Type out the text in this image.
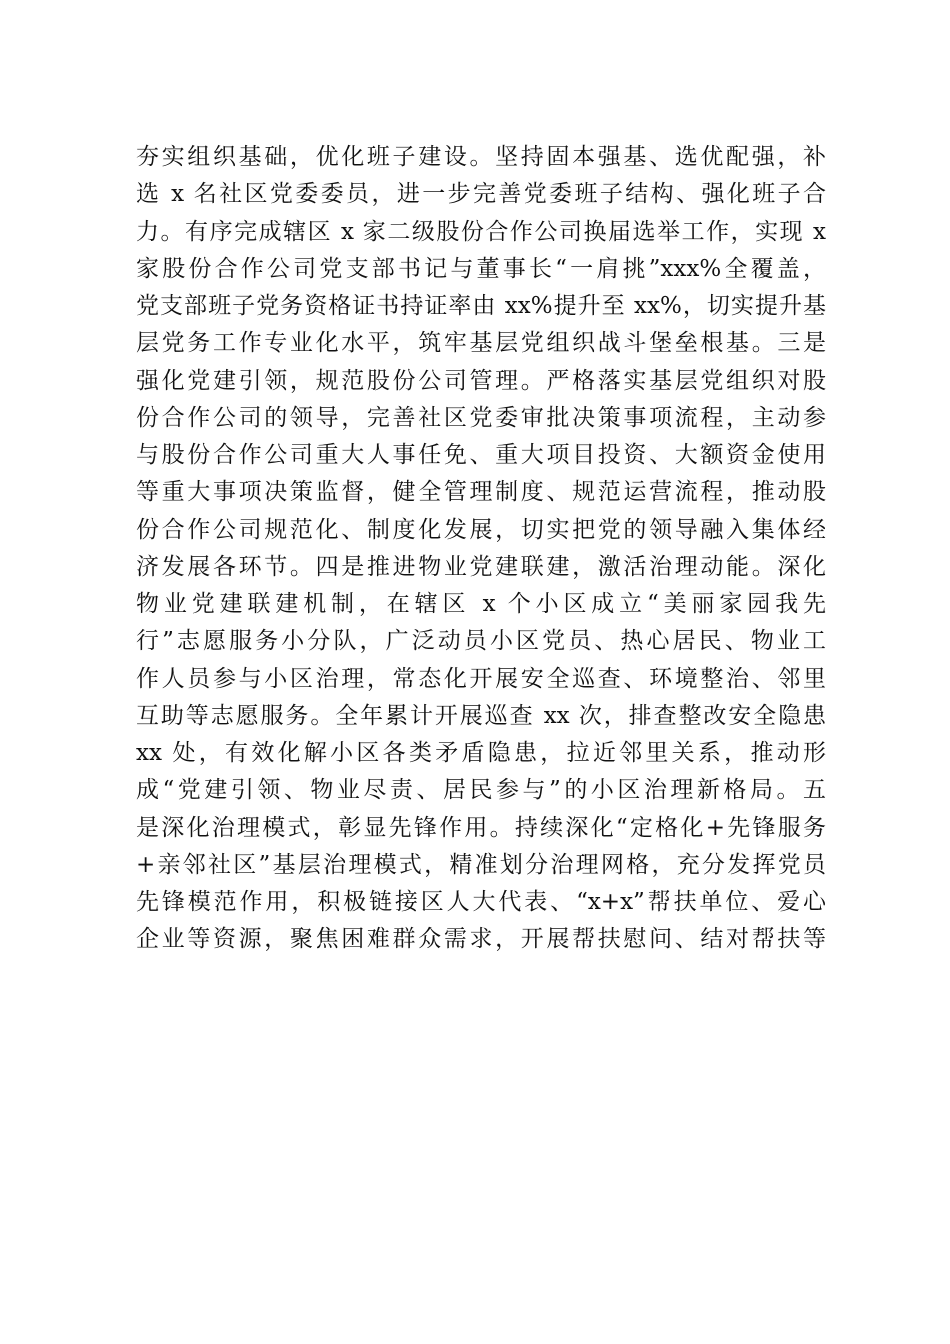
夯实组织基础，优化班子建设。坚持固本强基、选优配强，补
选 x 名社区党委委员，进一步完善党委班子结构、强化班子合
力。有序完成辖区 x 家二级股份合作公司换届选举工作，实现 x
家股份合作公司党支部书记与董事长“一肩挑”xxx%全覆盖，
党支部班子党务资格证书持证率由 xx%提升至 xx%，切实提升基
层党务工作专业化水平，筑牢基层党组织战斗堡垒根基。三是
强化党建引领，规范股份公司管理。严格落实基层党组织对股
份合作公司的领导，完善社区党委审批决策事项流程，主动参
与股份合作公司重大人事任免、重大项目投资、大额资金使用
等重大事项决策监督，健全管理制度、规范运营流程，推动股
份合作公司规范化、制度化发展，切实把党的领导融入集体经
济发展各环节。四是推进物业党建联建，激活治理动能。深化
物业党建联建机制，在辖区 x 个小区成立“美丽家园我先
行”志愿服务小分队，广泛动员小区党员、热心居民、物业工
作人员参与小区治理，常态化开展安全巡查、环境整治、邻里
互助等志愿服务。全年累计开展巡查 xx 次，排查整改安全隐患
xx 处，有效化解小区各类矛盾隐患，拉近邻里关系，推动形
成“党建引领、物业尽责、居民参与”的小区治理新格局。五
是深化治理模式，彰显先锋作用。持续深化“定格化+先锋服务
+亲邻社区”基层治理模式，精准划分治理网格，充分发挥党员
先锋模范作用，积极链接区人大代表、“x+x”帮扶单位、爱心
企业等资源，聚焦困难群众需求，开展帮扶慰问、结对帮扶等
